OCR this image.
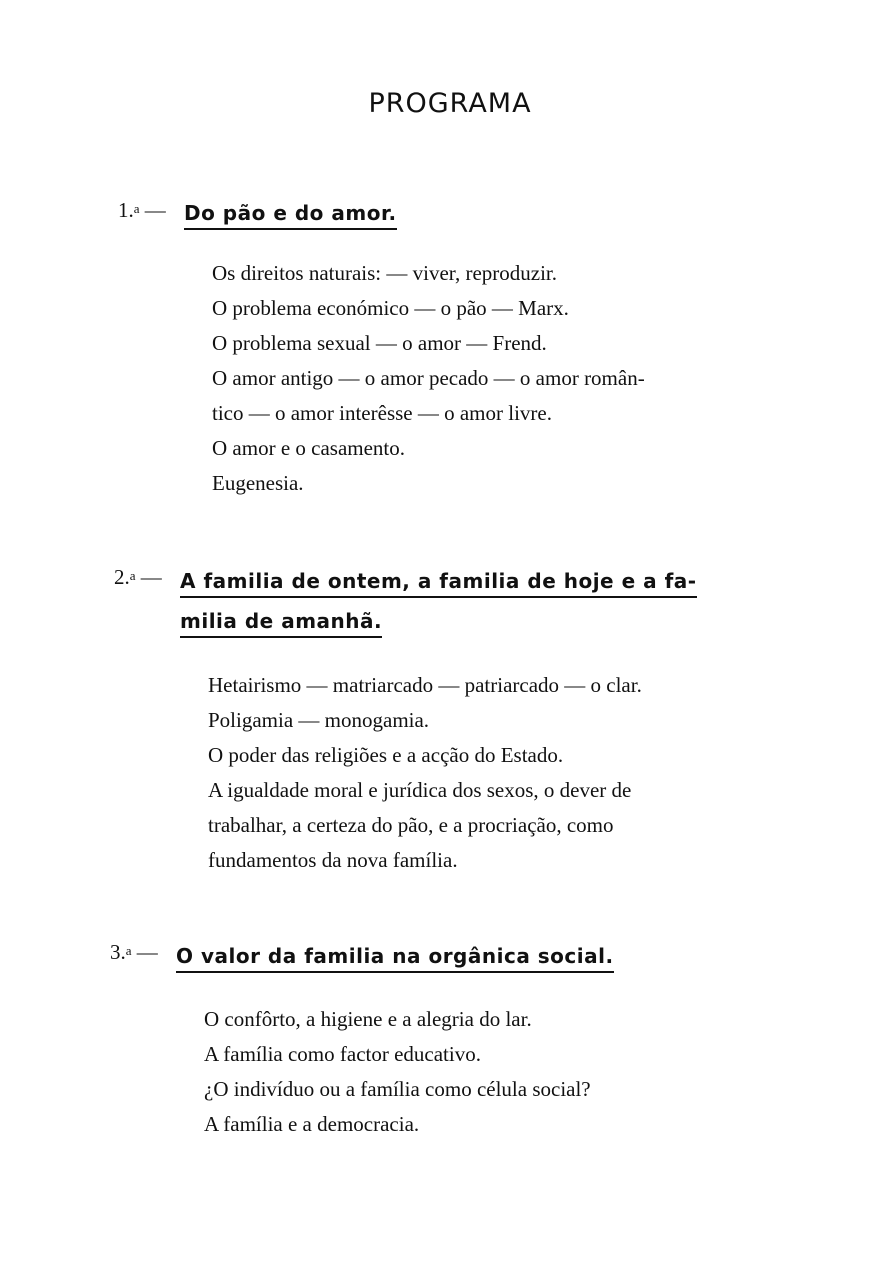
PROGRAMA
1.$^a$ — Do pão e do amor.
Os direitos naturais: — viver, reproduzir.
O problema económico — o pão — Marx.
O problema sexual — o amor — Frend.
O amor antigo — o amor pecado — o amor român-
tico — o amor interêsse — o amor livre.
O amor e o casamento.
Eugenesia.
2.$^a$ — A familia de ontem, a familia de hoje e a fa-
milia de amanhã.
Hetairismo — matriarcado — patriarcado — o clar.
Poligamia — monogamia.
O poder das religiões e a acção do Estado.
A igualdade moral e jurídica dos sexos, o dever de
trabalhar, a certeza do pão, e a procriação, como
fundamentos da nova família.
3.$^a$ — O valor da familia na orgânica social.
O confôrto, a higiene e a alegria do lar.
A família como factor educativo.
¿O indivíduo ou a família como célula social?
A família e a democracia.
